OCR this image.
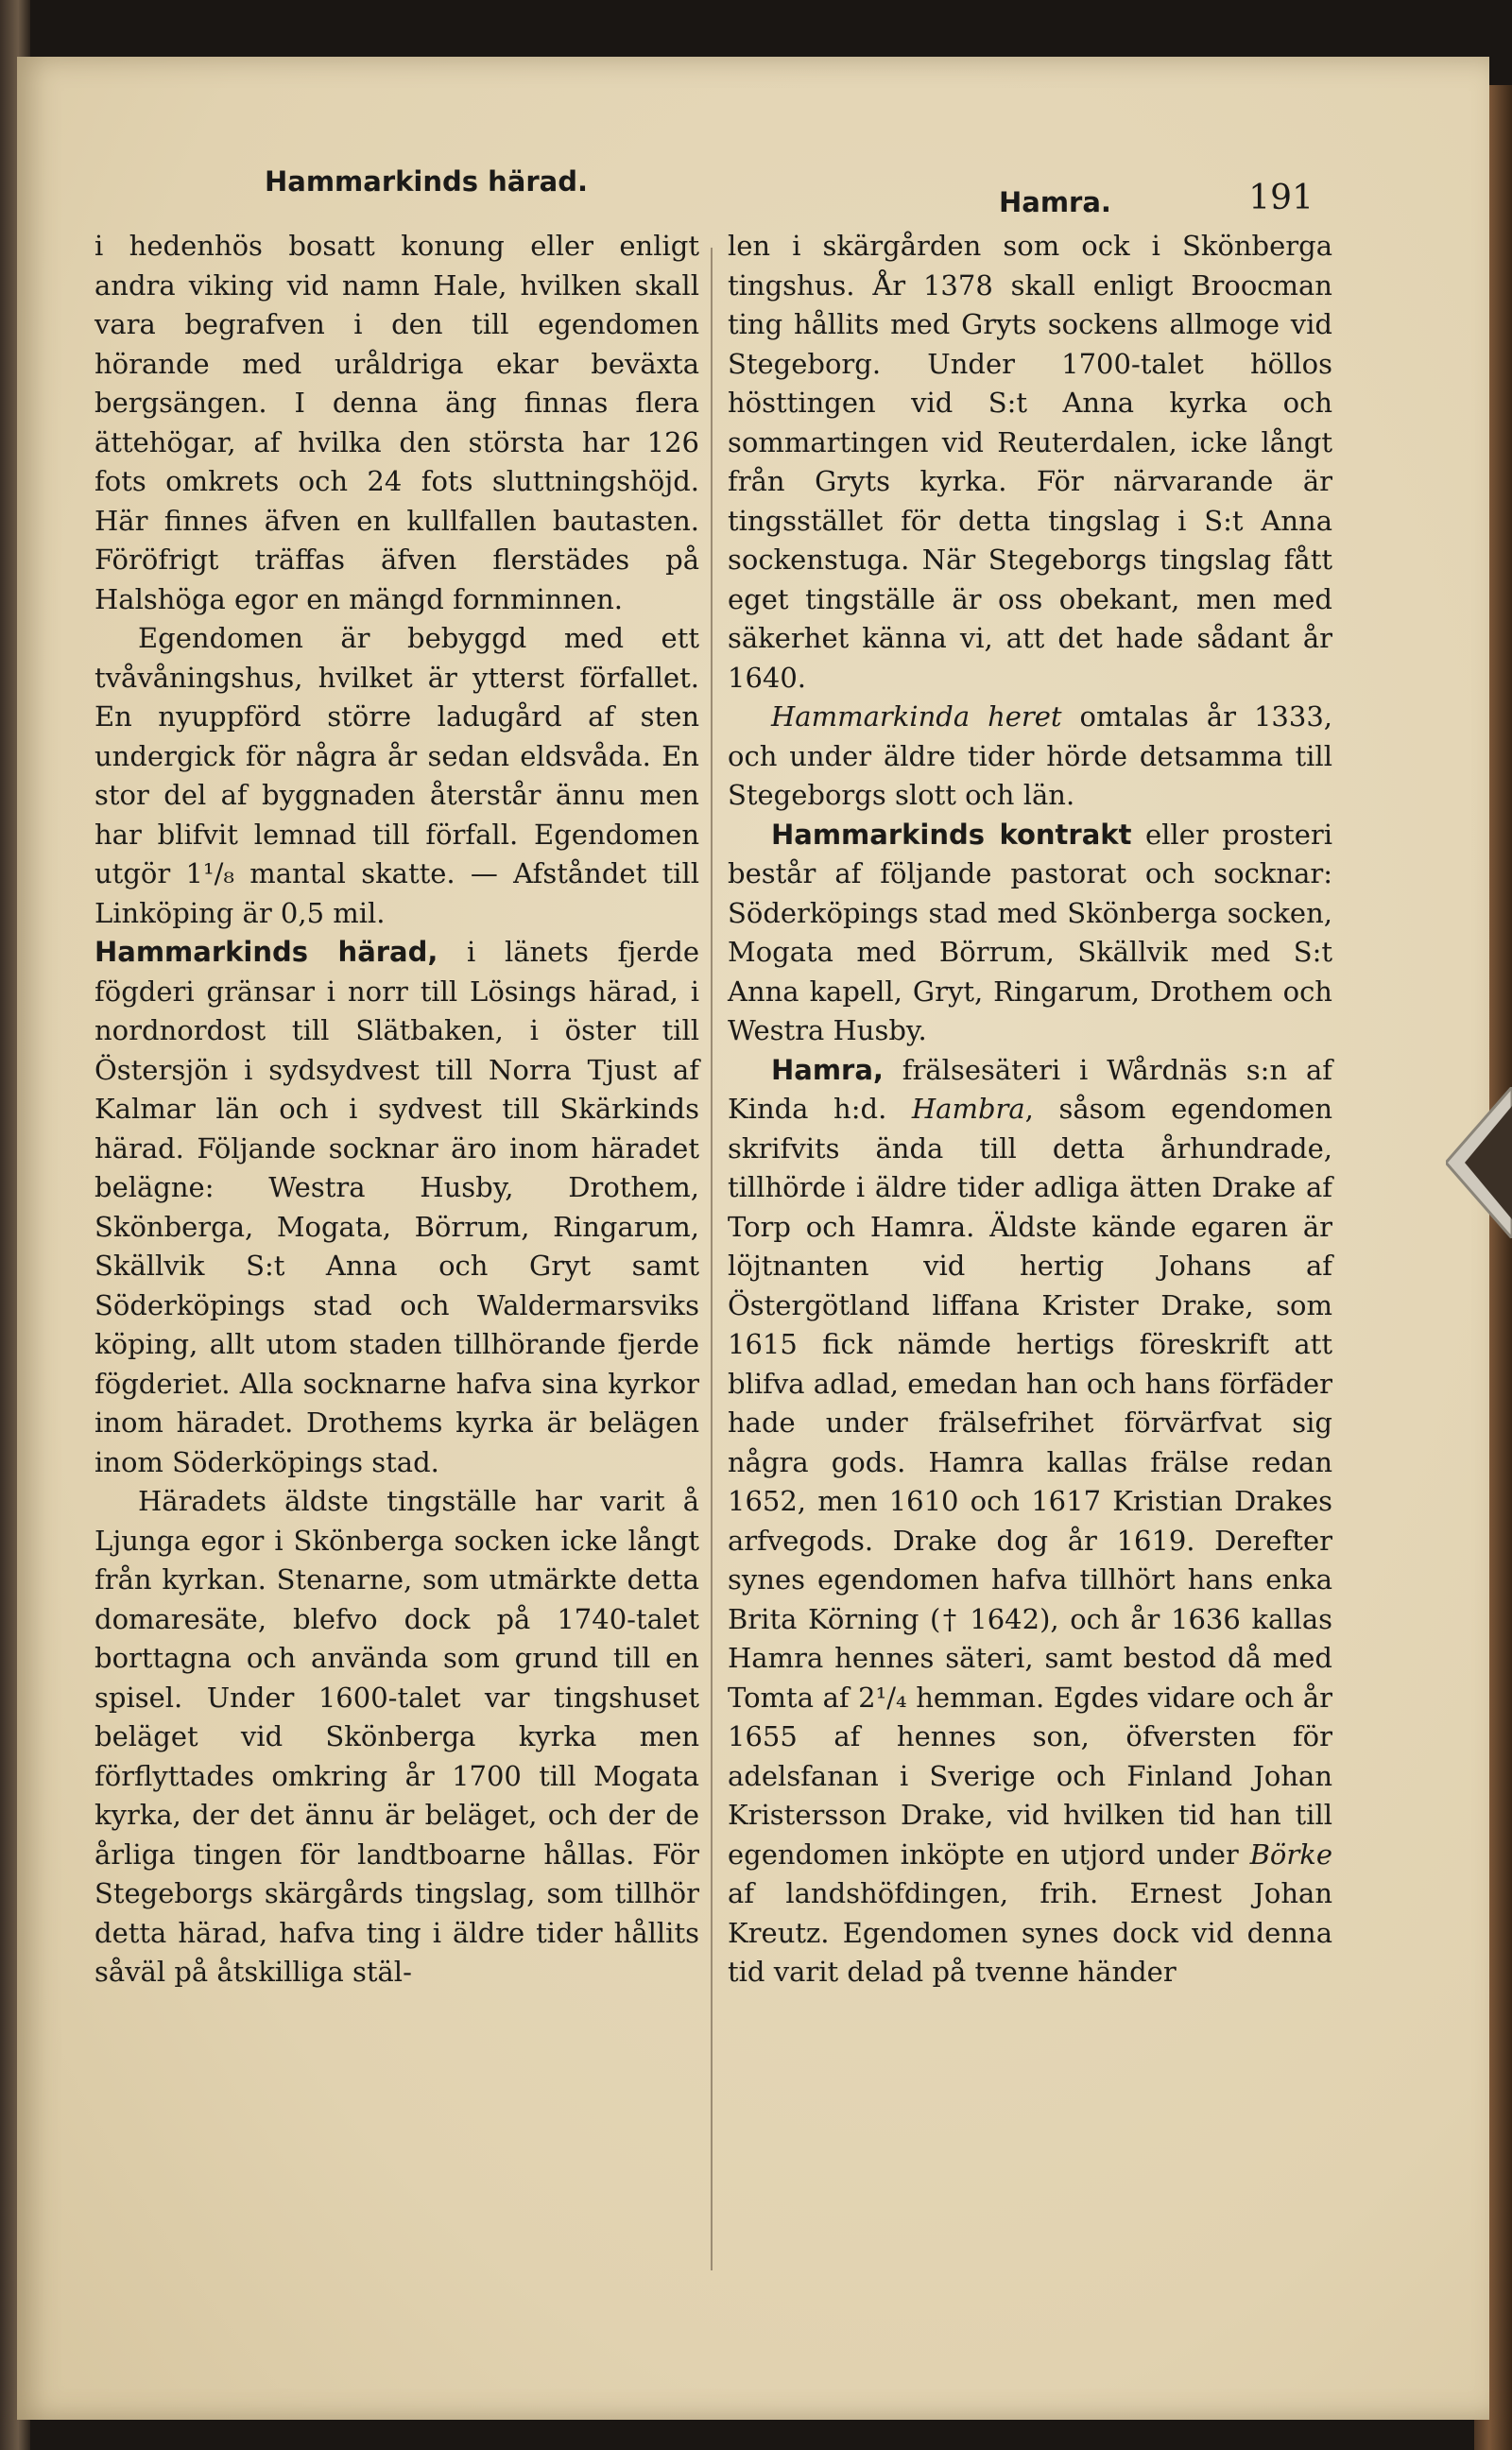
Hammarkinds härad.
Hamra.	191

i hedenhös bosatt konung eller enligt andra viking vid namn Hale, hvilken skall vara begrafven i den till egendomen hörande med uråldriga ekar beväxta bergsängen. I denna äng finnas flera ättehögar, af hvilka den största har 126 fots omkrets och 24 fots sluttningshöjd. Här finnes äfven en kullfallen bautasten. Föröfrigt träffas äfven flerstädes på Halshöga egor en mängd fornminnen.

Egendomen är bebyggd med ett tvåvåningshus, hvilket är ytterst förfallet. En nyuppförd större ladugård af sten undergick för några år sedan eldsvåda. En stor del af byggnaden återstår ännu men har blifvit lemnad till förfall. Egendomen utgör 1¹/₈ mantal skatte. — Afståndet till Linköping är 0,5 mil.

Hammarkinds härad, i länets fjerde fögderi gränsar i norr till Lösings härad, i nordnordost till Slätbaken, i öster till Östersjön i sydsydvest till Norra Tjust af Kalmar län och i sydvest till Skärkinds härad. Följande socknar äro inom häradet belägne: Westra Husby, Drothem, Skönberga, Mogata, Börrum, Ringarum, Skällvik S:t Anna och Gryt samt Söderköpings stad och Waldermarsviks köping, allt utom staden tillhörande fjerde fögderiet. Alla socknarne hafva sina kyrkor inom häradet. Drothems kyrka är belägen inom Söderköpings stad.

Häradets äldste tingställe har varit å Ljunga egor i Skönberga socken icke långt från kyrkan. Stenarne, som utmärkte detta domaresäte, blefvo dock på 1740-talet borttagna och använda som grund till en spisel. Under 1600-talet var tingshuset beläget vid Skönberga kyrka men förflyttades omkring år 1700 till Mogata kyrka, der det ännu är beläget, och der de årliga tingen för landtboarne hållas. För Stegeborgs skärgårds tingslag, som tillhör detta härad, hafva ting i äldre tider hållits såväl på åtskilliga stäl-

len i skärgården som ock i Skönberga tingshus. År 1378 skall enligt Broocman ting hållits med Gryts sockens allmoge vid Stegeborg. Under 1700-talet höllos hösttingen vid S:t Anna kyrka och sommartingen vid Reuterdalen, icke långt från Gryts kyrka. För närvarande är tingsstället för detta tingslag i S:t Anna sockenstuga. När Stegeborgs tingslag fått eget tingställe är oss obekant, men med säkerhet känna vi, att det hade sådant år 1640.

Hammarkinda heret omtalas år 1333, och under äldre tider hörde detsamma till Stegeborgs slott och län.

Hammarkinds kontrakt eller prosteri består af följande pastorat och socknar: Söderköpings stad med Skönberga socken, Mogata med Börrum, Skällvik med S:t Anna kapell, Gryt, Ringarum, Drothem och Westra Husby.

Hamra, frälsesäteri i Wårdnäs s:n af Kinda h:d. Hambra, såsom egendomen skrifvits ända till detta århundrade, tillhörde i äldre tider adliga ätten Drake af Torp och Hamra. Äldste kände egaren är löjtnanten vid hertig Johans af Östergötland liffana Krister Drake, som 1615 fick nämde hertigs föreskrift att blifva adlad, emedan han och hans förfäder hade under frälsefrihet förvärfvat sig några gods. Hamra kallas frälse redan 1652, men 1610 och 1617 Kristian Drakes arfvegods. Drake dog år 1619. Derefter synes egendomen hafva tillhört hans enka Brita Körning († 1642), och år 1636 kallas Hamra hennes säteri, samt bestod då med Tomta af 2¹/₄ hemman. Egdes vidare och år 1655 af hennes son, öfversten för adelsfanan i Sverige och Finland Johan Kristersson Drake, vid hvilken tid han till egendomen inköpte en utjord under Börke af landshöfdingen, frih. Ernest Johan Kreutz. Egendomen synes dock vid denna tid varit delad på tvenne händer
